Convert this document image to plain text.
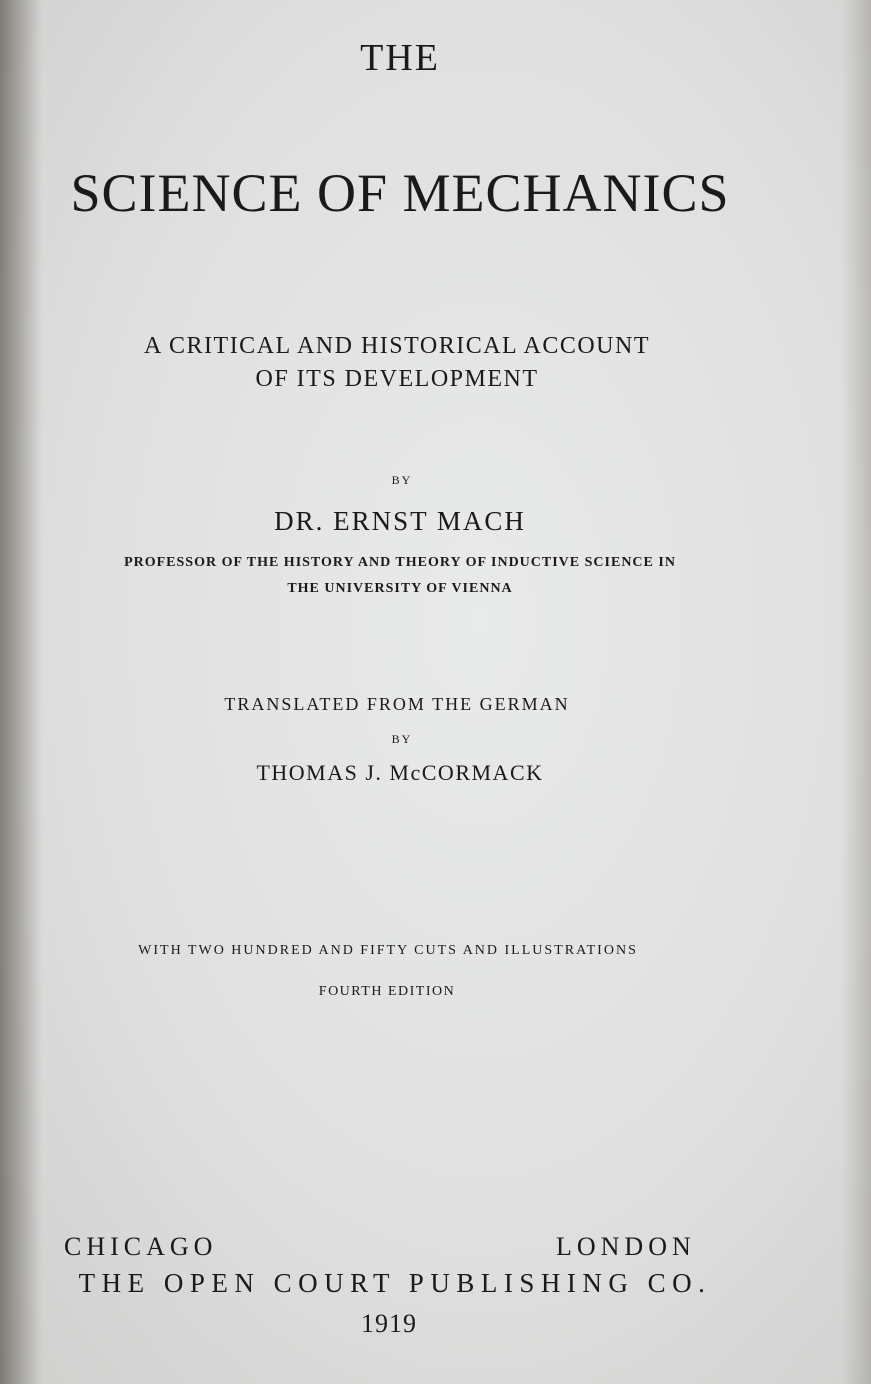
THE
SCIENCE OF MECHANICS
A CRITICAL AND HISTORICAL ACCOUNT
OF ITS DEVELOPMENT
BY
DR. ERNST MACH
PROFESSOR OF THE HISTORY AND THEORY OF INDUCTIVE SCIENCE IN
THE UNIVERSITY OF VIENNA
TRANSLATED FROM THE GERMAN
BY
THOMAS J. McCORMACK
WITH TWO HUNDRED AND FIFTY CUTS AND ILLUSTRATIONS
FOURTH EDITION
CHICAGO	LONDON
THE OPEN COURT PUBLISHING CO.
1919
